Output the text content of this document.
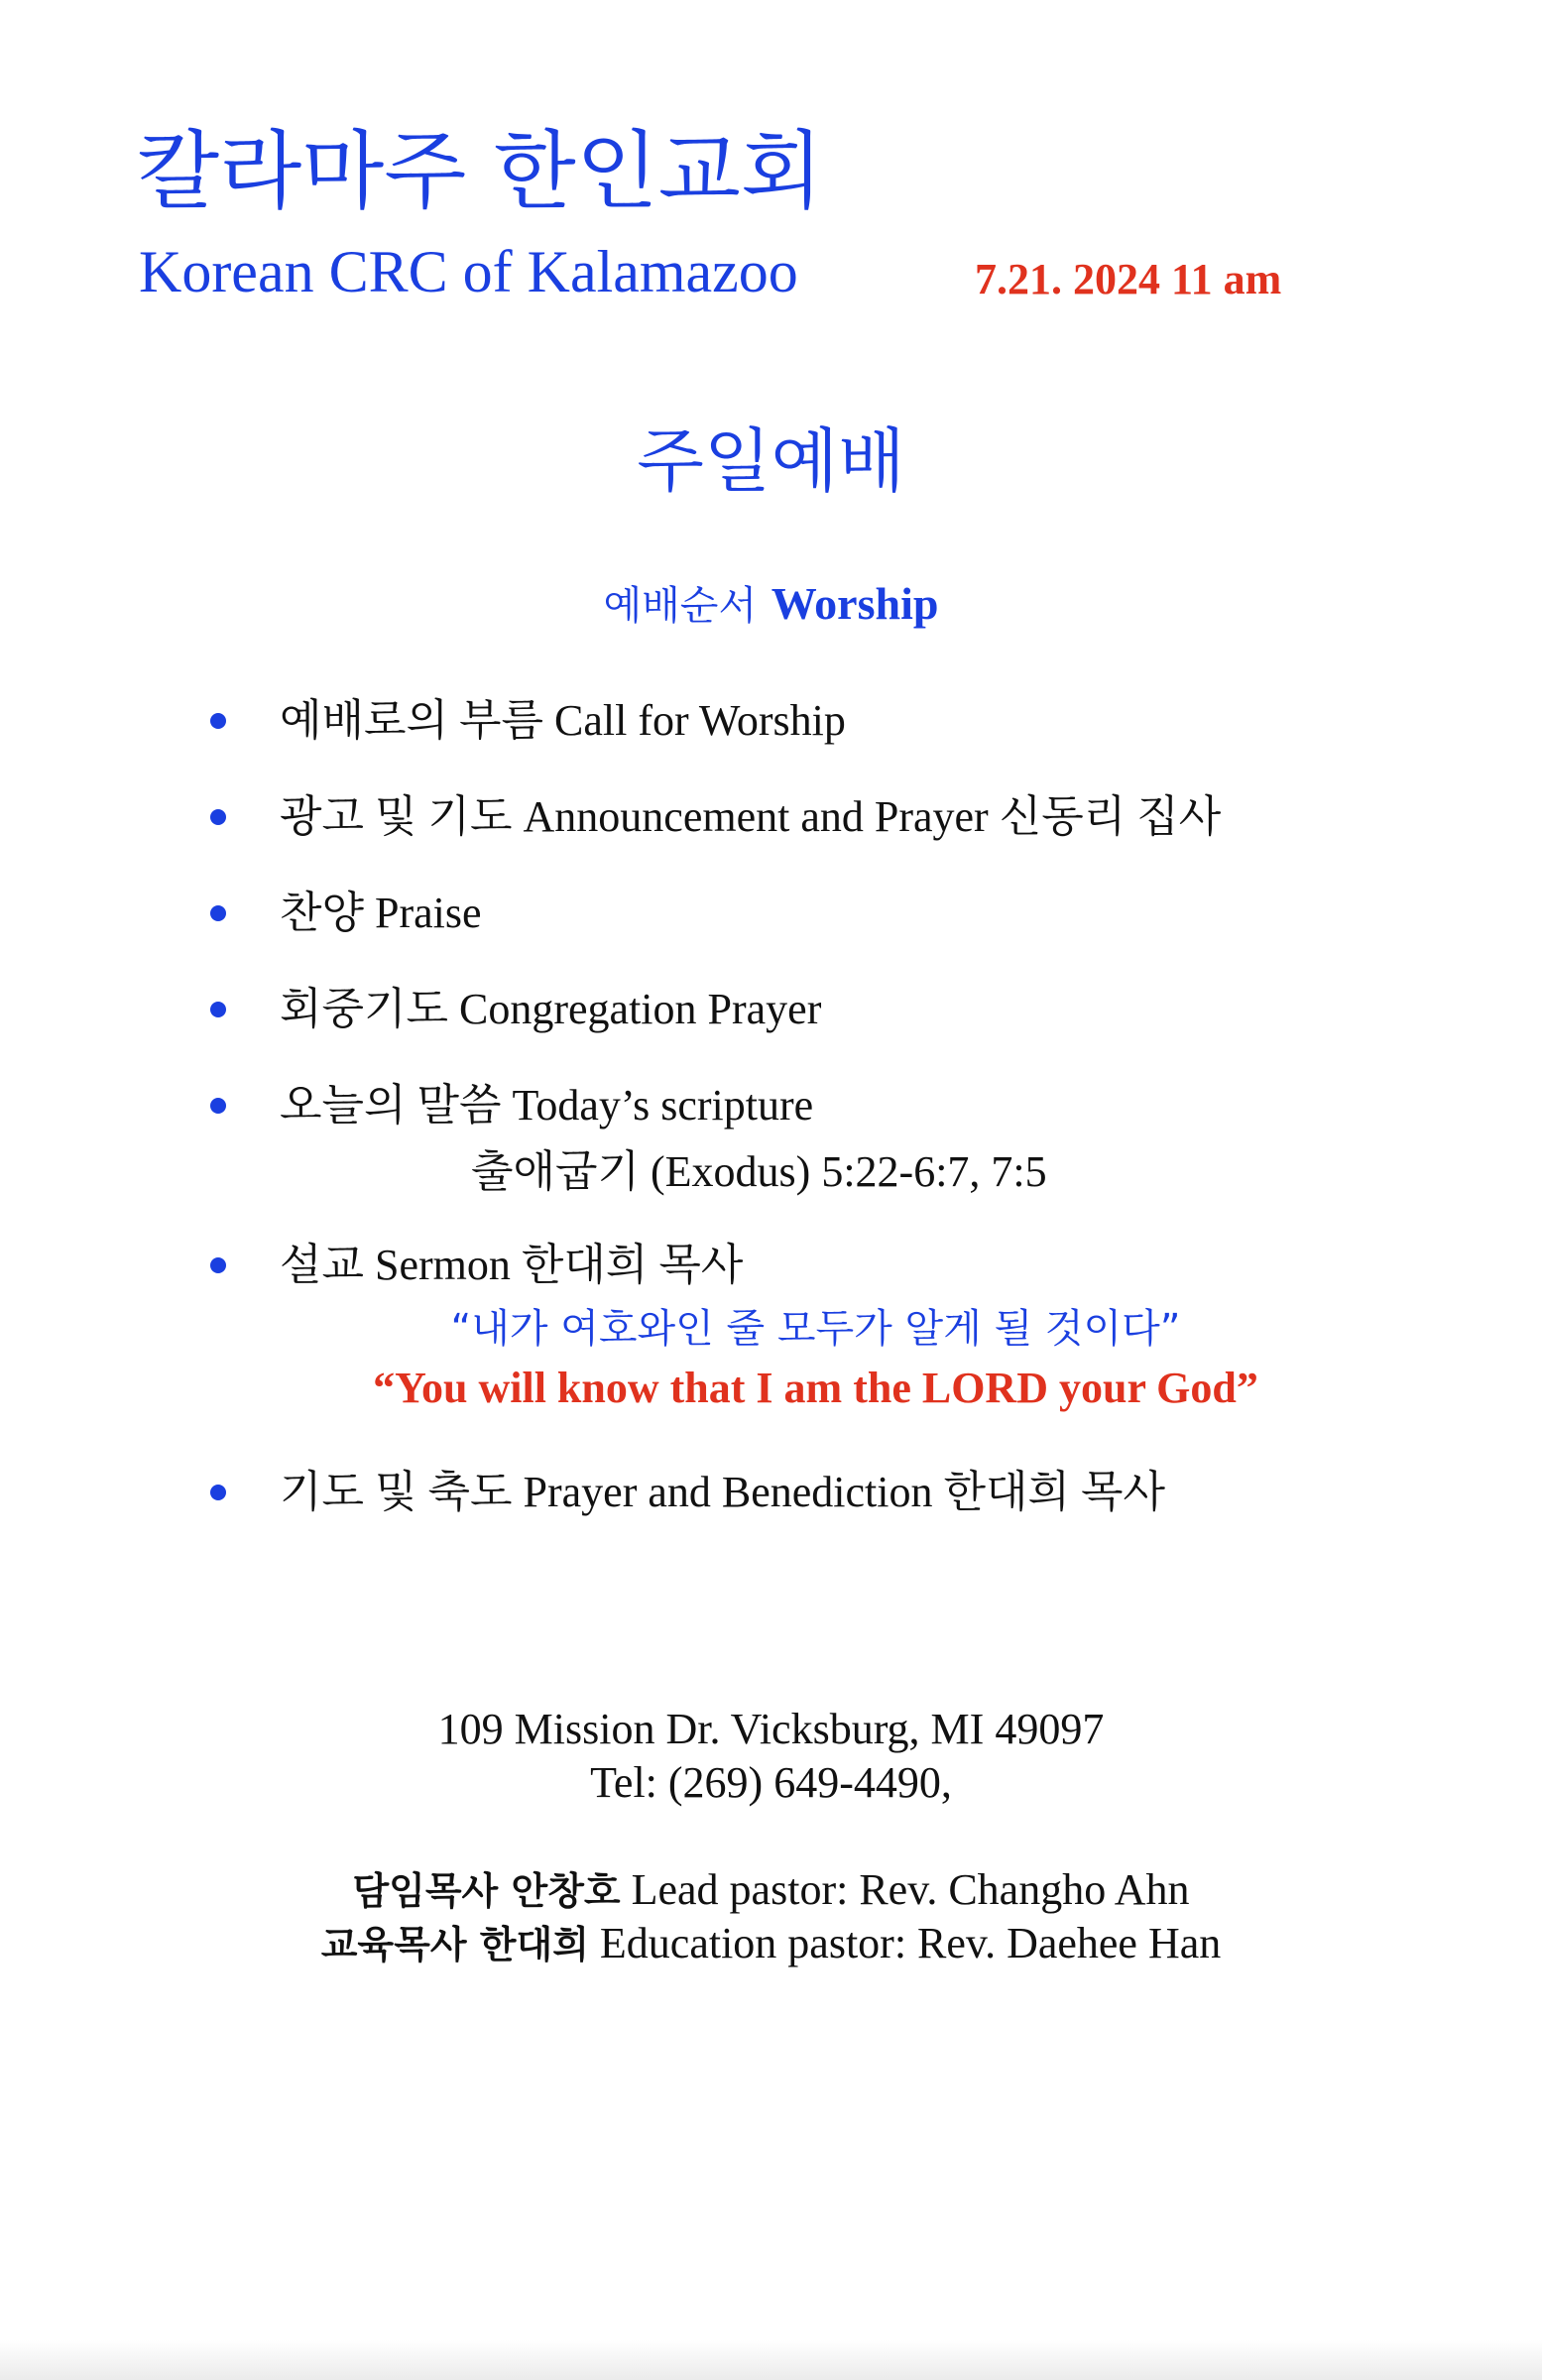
칼라마주 한인교회
Korean CRC of Kalamazoo	7.21. 2024 11 am
주일예배
예배순서 Worship
예배로의 부름 Call for Worship
광고 및 기도 Announcement and Prayer 신동리 집사
찬양 Praise
회중기도 Congregation Prayer
오늘의 말씀 Today’s scripture
출애굽기 (Exodus) 5:22-6:7, 7:5
설교 Sermon 한대희 목사
“내가 여호와인 줄 모두가 알게 될 것이다”
“You will know that I am the LORD your God”
기도 및 축도 Prayer and Benediction 한대희 목사
109 Mission Dr. Vicksburg, MI 49097
Tel: (269) 649-4490,
담임목사 안창호 Lead pastor: Rev. Changho Ahn
교육목사 한대희 Education pastor: Rev. Daehee Han
